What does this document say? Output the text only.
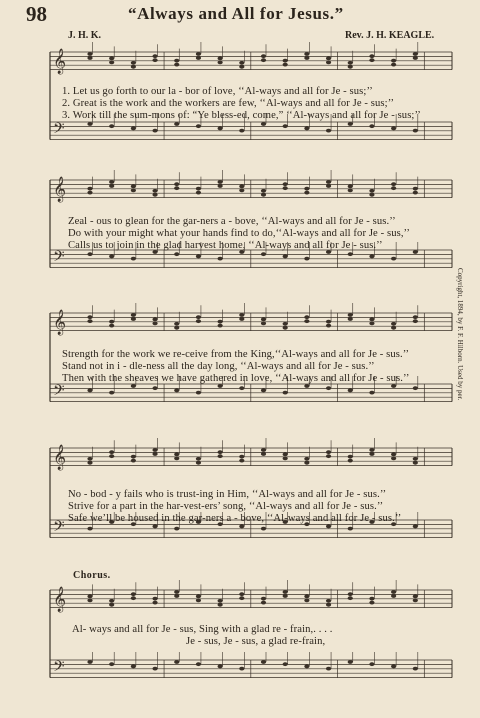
98	“Always and All for Jesus.”
J. H. K.	Rev. J. H. KEAGLE.
𝄞
𝄢
𝄞
𝄢
𝄞
𝄢
𝄞
𝄢
𝄞
𝄢
1. Let us go forth to our la - bor of love, ‘‘Al-ways and all for Je - sus;’’
2. Great is the work and the workers are few, ‘‘Al-ways and all for Je - sus;’’
3. Work till the sum-mons of: “Ye bless-ed, come,” ‘‘Al-ways and all for Je - sus;’’
Zeal - ous to glean for the gar-ners a - bove, ‘‘Al-ways and all for Je - sus.’’
Do with your might what your hands find to do,‘‘Al-ways and all for Je - sus,’’
Calls us to join in the glad harvest home, ‘‘Al-ways and all for Je - sus.’’
Strength for the work we re-ceive from the King,‘‘Al-ways and all for Je - sus.’’
Stand not in i - dle-ness all the day long, ‘‘Al-ways and all for Je - sus.’’
Then with the sheaves we have gathered in love, ‘‘Al-ways and all for Je - sus.’’
No - bod - y fails who is trust-ing in Him, ‘‘Al-ways and all for Je - sus.’’
Strive for a part in the har-vest-ers’ song, ‘‘Al-ways and all for Je - sus.’’
Safe we’ll be housed in the gar-ners a - bove, ‘‘Al-ways and all for Je - sus.’’
Chorus.
Al- ways and all for Je - sus, Sing with a glad re - frain,. . . .
Je - sus, Je - sus, a glad re-frain,
Copyright, 1894, by F. F. Hilborn. Used by per.
